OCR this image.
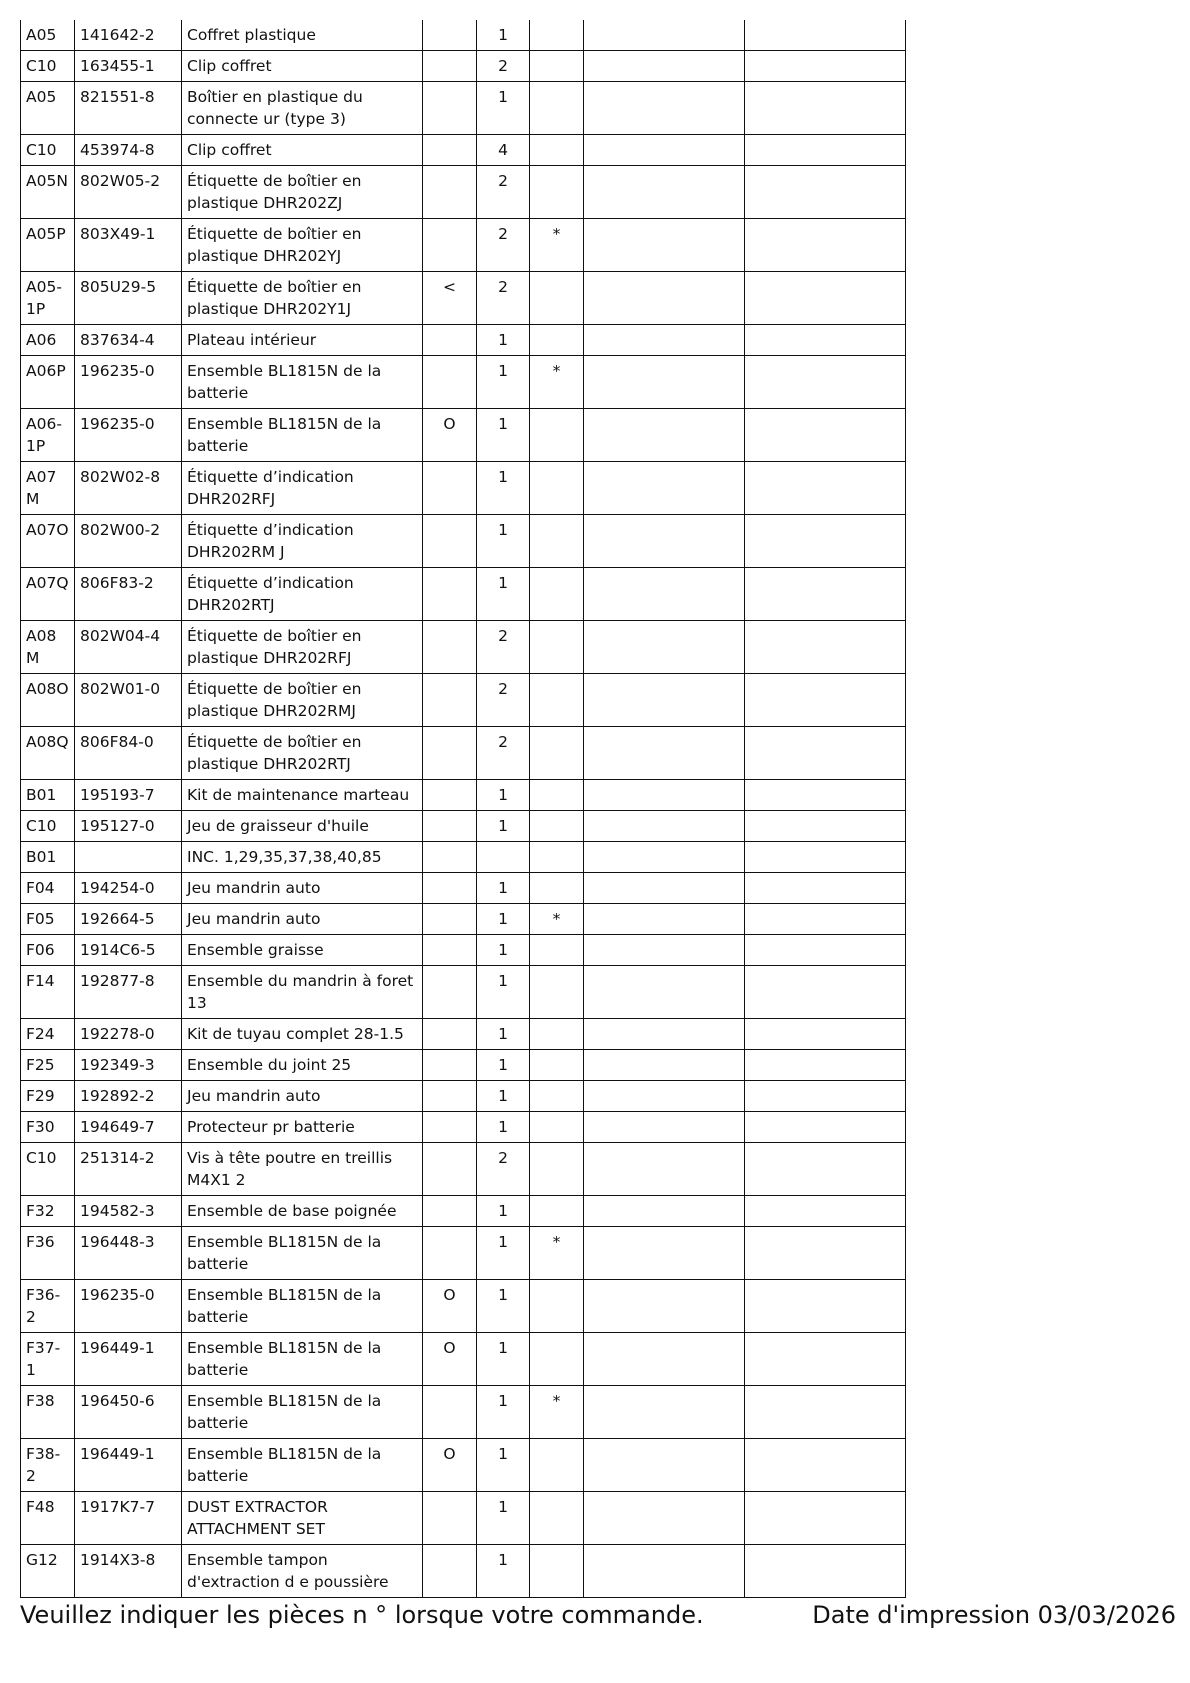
A05	141642-2	Coffret plastique		1			
C10	163455-1	Clip coffret		2			
A05	821551-8	Boîtier en plastique du connecte ur (type 3)		1			
C10	453974-8	Clip coffret		4			
A05N	802W05-2	Étiquette de boîtier en plastique DHR202ZJ		2			
A05P	803X49-1	Étiquette de boîtier en plastique DHR202YJ		2	*		
A05-1P	805U29-5	Étiquette de boîtier en plastique DHR202Y1J	<	2			
A06	837634-4	Plateau intérieur		1			
A06P	196235-0	Ensemble BL1815N de la batterie		1	*		
A06-1P	196235-0	Ensemble BL1815N de la batterie	O	1			
A07M	802W02-8	Étiquette d’indication DHR202RFJ		1			
A07O	802W00-2	Étiquette d’indication DHR202RM J		1			
A07Q	806F83-2	Étiquette d’indication DHR202RTJ		1			
A08M	802W04-4	Étiquette de boîtier en plastique DHR202RFJ		2			
A08O	802W01-0	Étiquette de boîtier en plastique DHR202RMJ		2			
A08Q	806F84-0	Étiquette de boîtier en plastique DHR202RTJ		2			
B01	195193-7	Kit de maintenance marteau		1			
C10	195127-0	Jeu de graisseur d'huile		1			
B01		INC. 1,29,35,37,38,40,85					
F04	194254-0	Jeu mandrin auto		1			
F05	192664-5	Jeu mandrin auto		1	*		
F06	1914C6-5	Ensemble graisse		1			
F14	192877-8	Ensemble du mandrin à foret 13		1			
F24	192278-0	Kit de tuyau complet 28-1.5		1			
F25	192349-3	Ensemble du joint 25		1			
F29	192892-2	Jeu mandrin auto		1			
F30	194649-7	Protecteur pr batterie		1			
C10	251314-2	Vis à tête poutre en treillis M4X1 2		2			
F32	194582-3	Ensemble de base poignée		1			
F36	196448-3	Ensemble BL1815N de la batterie		1	*		
F36-2	196235-0	Ensemble BL1815N de la batterie	O	1			
F37-1	196449-1	Ensemble BL1815N de la batterie	O	1			
F38	196450-6	Ensemble BL1815N de la batterie		1	*		
F38-2	196449-1	Ensemble BL1815N de la batterie	O	1			
F48	1917K7-7	DUST EXTRACTOR ATTACHMENT SET		1			
G12	1914X3-8	Ensemble tampon d'extraction d e poussière		1			
Veuillez indiquer les pièces n ° lorsque votre commande.	Date d'impression 03/03/2026
